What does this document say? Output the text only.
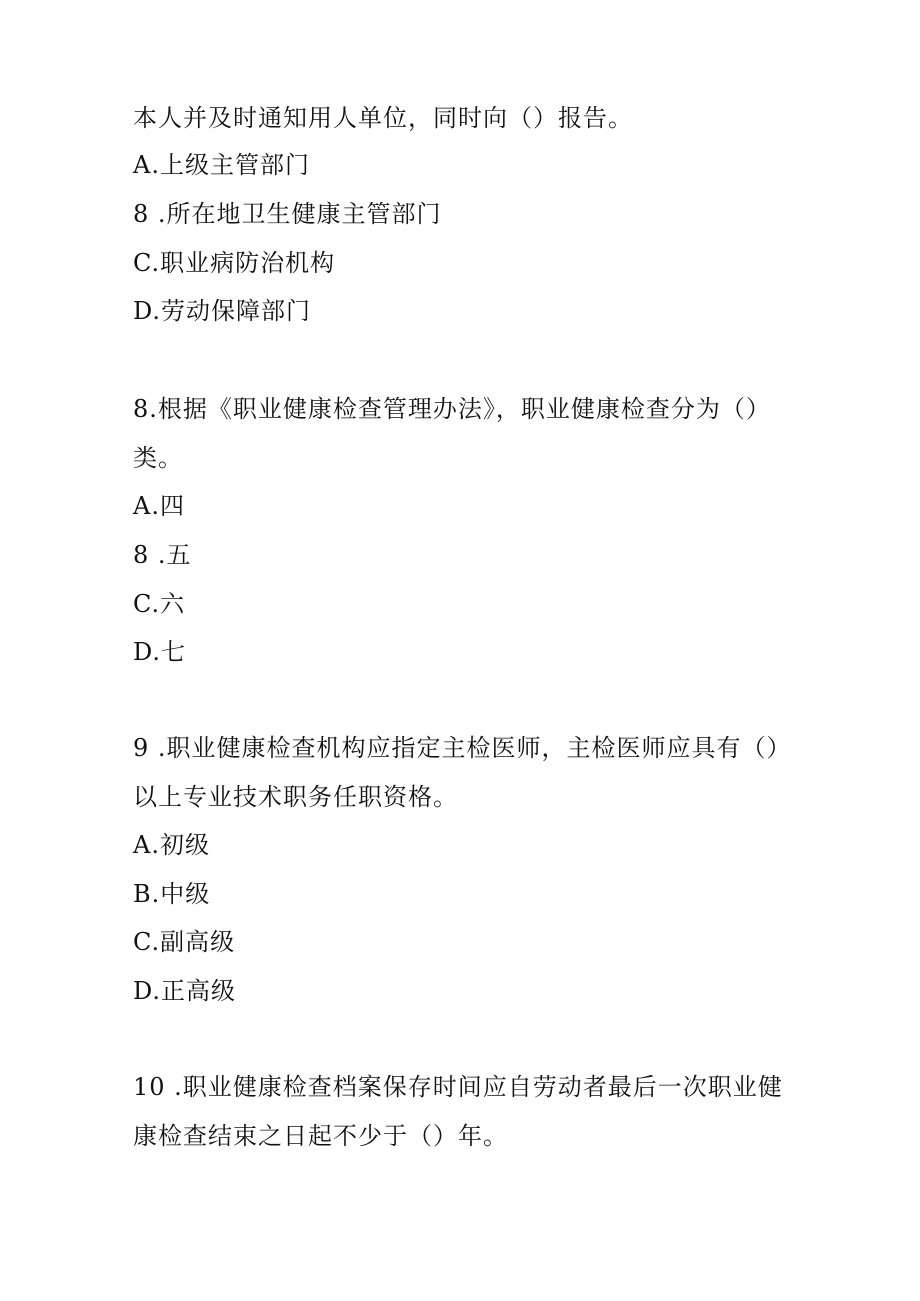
本人并及时通知用人单位，同时向（）报告。
A.上级主管部门
8 .所在地卫生健康主管部门
C.职业病防治机构
D.劳动保障部门
8.根据《职业健康检查管理办法》，职业健康检查分为（）
类。
A.四
8 .五
C.六
D.七
9 .职业健康检查机构应指定主检医师，主检医师应具有（）
以上专业技术职务任职资格。
A.初级
B.中级
C.副高级
D.正高级
10 .职业健康检查档案保存时间应自劳动者最后一次职业健
康检查结束之日起不少于（）年。
